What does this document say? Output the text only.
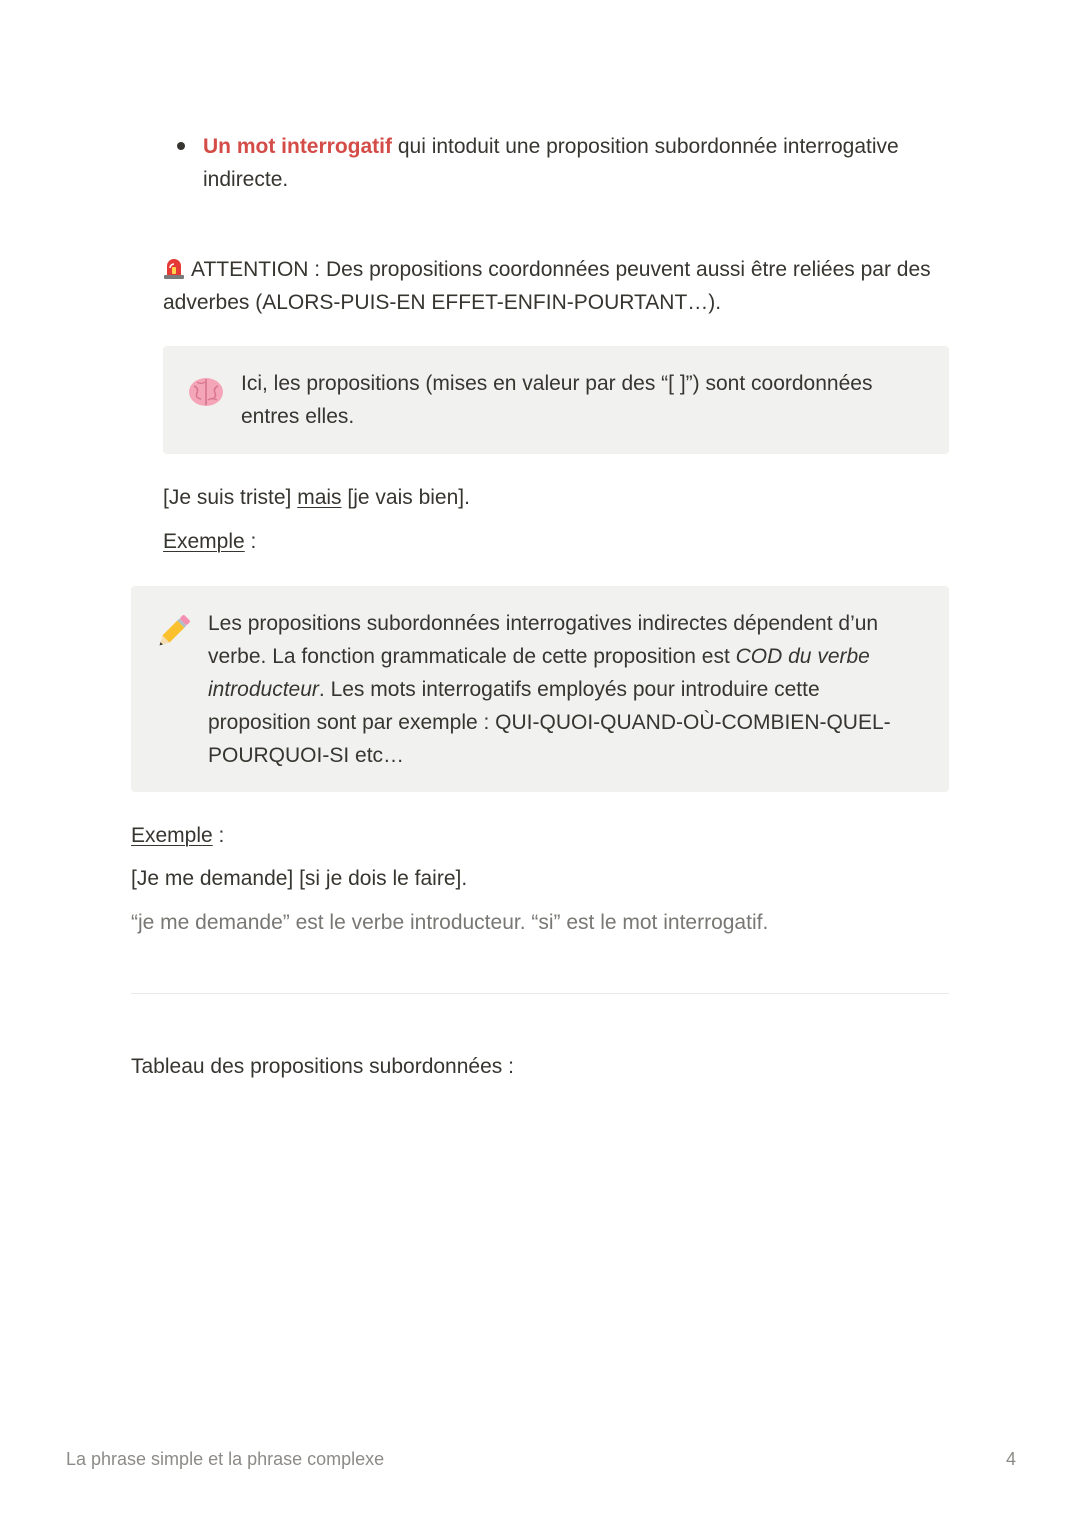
Un mot interrogatif qui intoduit une proposition subordonnée interrogative indirecte.
ATTENTION : Des propositions coordonnées peuvent aussi être reliées par des adverbes (ALORS-PUIS-EN EFFET-ENFIN-POURTANT…).
Ici, les propositions (mises en valeur par des “[ ]”) sont coordonnées entres elles.
[Je suis triste] mais [je vais bien].
Exemple :
Les propositions subordonnées interrogatives indirectes dépendent d’un verbe. La fonction grammaticale de cette proposition est COD du verbe introducteur. Les mots interrogatifs employés pour introduire cette proposition sont par exemple : QUI-QUOI-QUAND-OÙ-COMBIEN-QUEL-POURQUOI-SI etc…
Exemple :
[Je me demande] [si je dois le faire].
“je me demande” est le verbe introducteur. “si” est le mot interrogatif.
Tableau des propositions subordonnées :
La phrase simple et la phrase complexe	4
